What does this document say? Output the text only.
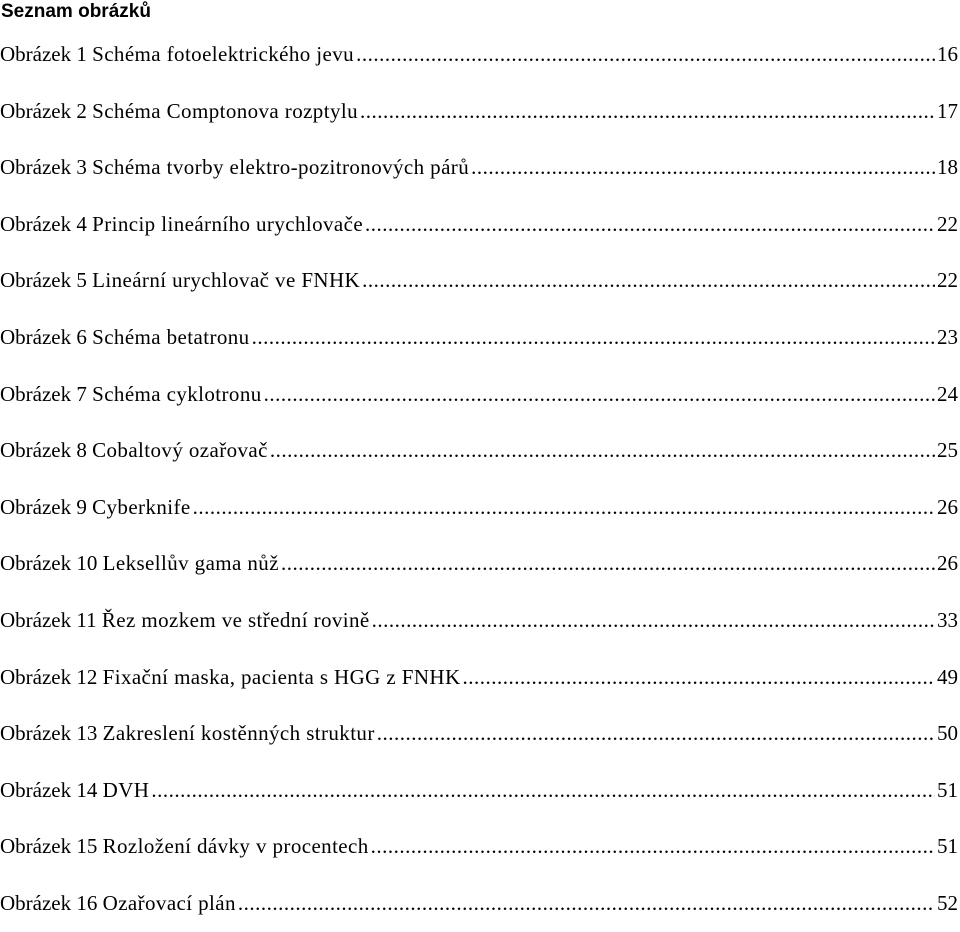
Seznam obrázků
Obrázek 1 Schéma fotoelektrického jevu .....	16
Obrázek 2 Schéma Comptonova rozptylu .....	17
Obrázek 3 Schéma tvorby elektro-pozitronových párů .....	18
Obrázek 4 Princip lineárního urychlovače .....	22
Obrázek 5 Lineární urychlovač ve FNHK .....	22
Obrázek 6 Schéma betatronu .....	23
Obrázek 7 Schéma cyklotronu .....	24
Obrázek 8 Cobaltový ozařovač .....	25
Obrázek 9 Cyberknife .....	26
Obrázek 10 Leksellův gama nůž .....	26
Obrázek 11 Řez mozkem ve střední rovině .....	33
Obrázek 12 Fixační maska, pacienta s HGG z FNHK .....	49
Obrázek 13 Zakreslení kostěnných struktur .....	50
Obrázek 14 DVH .....	51
Obrázek 15 Rozložení dávky v procentech .....	51
Obrázek 16 Ozařovací plán .....	52
